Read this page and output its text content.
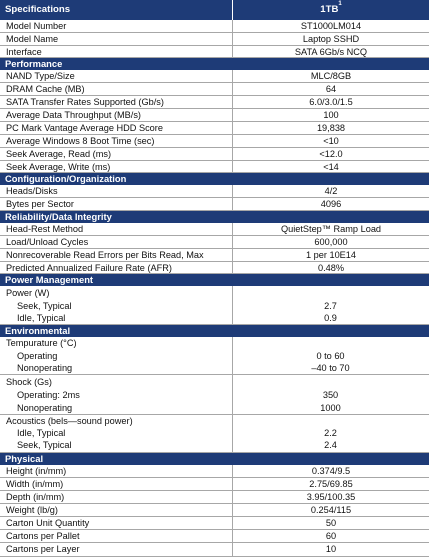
Specifications	$1TB^1$
Model Number	ST1000LM014
Model Name	Laptop SSHD
Interface	SATA 6Gb/s NCQ
Performance
NAND Type/Size	MLC/8GB
DRAM Cache (MB)	64
SATA Transfer Rates Supported (Gb/s)	6.0/3.0/1.5
Average Data Throughput (MB/s)	100
PC Mark Vantage Average HDD Score	19,838
Average Windows 8 Boot Time (sec)	<10
Seek Average, Read (ms)	<12.0
Seek Average, Write (ms)	<14
Configuration/Organization
Heads/Disks	4/2
Bytes per Sector	4096
Reliability/Data Integrity
Head-Rest Method	QuietStep™ Ramp Load
Load/Unload Cycles	600,000
Nonrecoverable Read Errors per Bits Read, Max	1 per 10E14
Predicted Annualized Failure Rate (AFR)	0.48%
Power Management
Power (W)
Seek, Typical	2.7
Idle, Typical	0.9
Environmental
Tempurature (°C)
Operating	0 to 60
Nonoperating	–40 to 70
Shock (Gs)
Operating: 2ms	350
Nonoperating	1000
Acoustics (bels—sound power)
Idle, Typical	2.2
Seek, Typical	2.4
Physical
Height (in/mm)	0.374/9.5
Width (in/mm)	2.75/69.85
Depth (in/mm)	3.95/100.35
Weight (lb/g)	0.254/115
Carton Unit Quantity	50
Cartons per Pallet	60
Cartons per Layer	10
